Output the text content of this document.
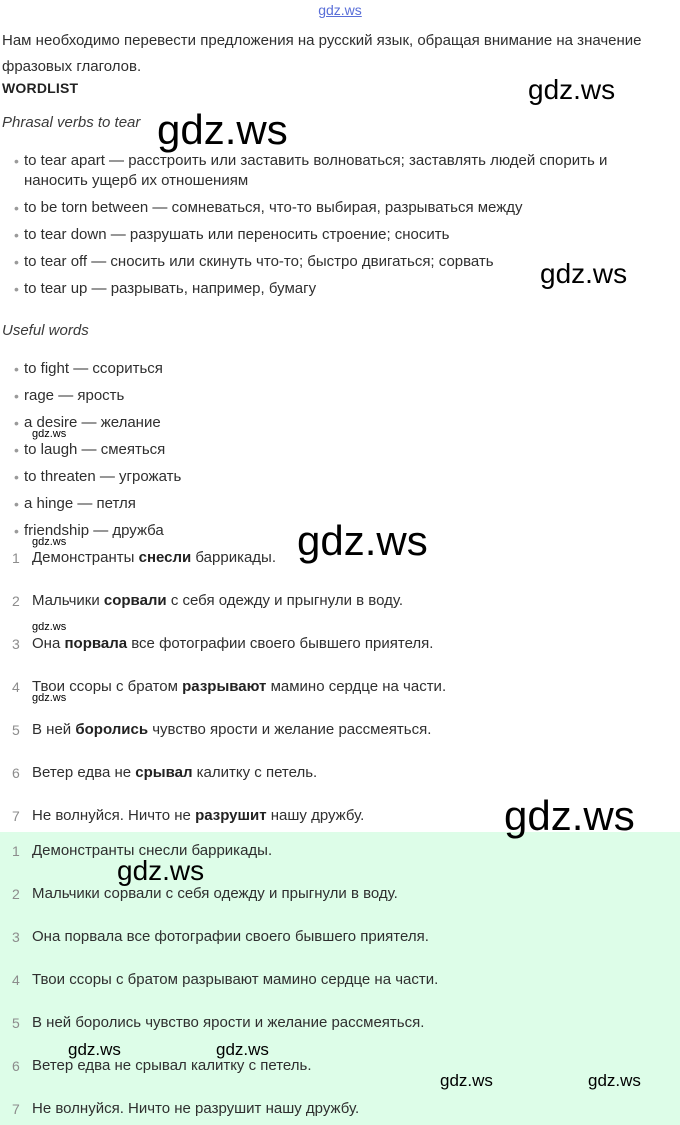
gdz.ws
Нам необходимо перевести предложения на русский язык, обращая внимание на значение фразовых глаголов.
WORDLIST
Phrasal verbs to tear
• to tear apart — расстроить или заставить волноваться; заставлять людей спорить и наносить ущерб их отношениям
• to be torn between — сомневаться, что-то выбирая, разрываться между
• to tear down — разрушать или переносить строение; сносить
• to tear off — сносить или скинуть что-то; быстро двигаться; сорвать
• to tear up — разрывать, например, бумагу
Useful words
• to fight — ссориться
• rage — ярость
• a desire — желание
• to laugh — смеяться
• to threaten — угрожать
• a hinge — петля
• friendship — дружба
1 Демонстранты снесли баррикады.
2 Мальчики сорвали с себя одежду и прыгнули в воду.
3 Она порвала все фотографии своего бывшего приятеля.
4 Твои ссоры с братом разрывают мамино сердце на части.
5 В ней боролись чувство ярости и желание рассмеяться.
6 Ветер едва не срывал калитку с петель.
7 Не волнуйся. Ничто не разрушит нашу дружбу.
1 Демонстранты снесли баррикады.
2 Мальчики сорвали с себя одежду и прыгнули в воду.
3 Она порвала все фотографии своего бывшего приятеля.
4 Твои ссоры с братом разрывают мамино сердце на части.
5 В ней боролись чувство ярости и желание рассмеяться.
6 Ветер едва не срывал калитку с петель.
7 Не волнуйся. Ничто не разрушит нашу дружбу.
gdz.ws
gdz.ws
gdz.ws
gdz.ws
gdz.ws	gdz.ws
gdz.ws
gdz.ws
gdz.ws
gdz.ws
gdz.ws	gdz.ws
gdz.ws	gdz.ws
